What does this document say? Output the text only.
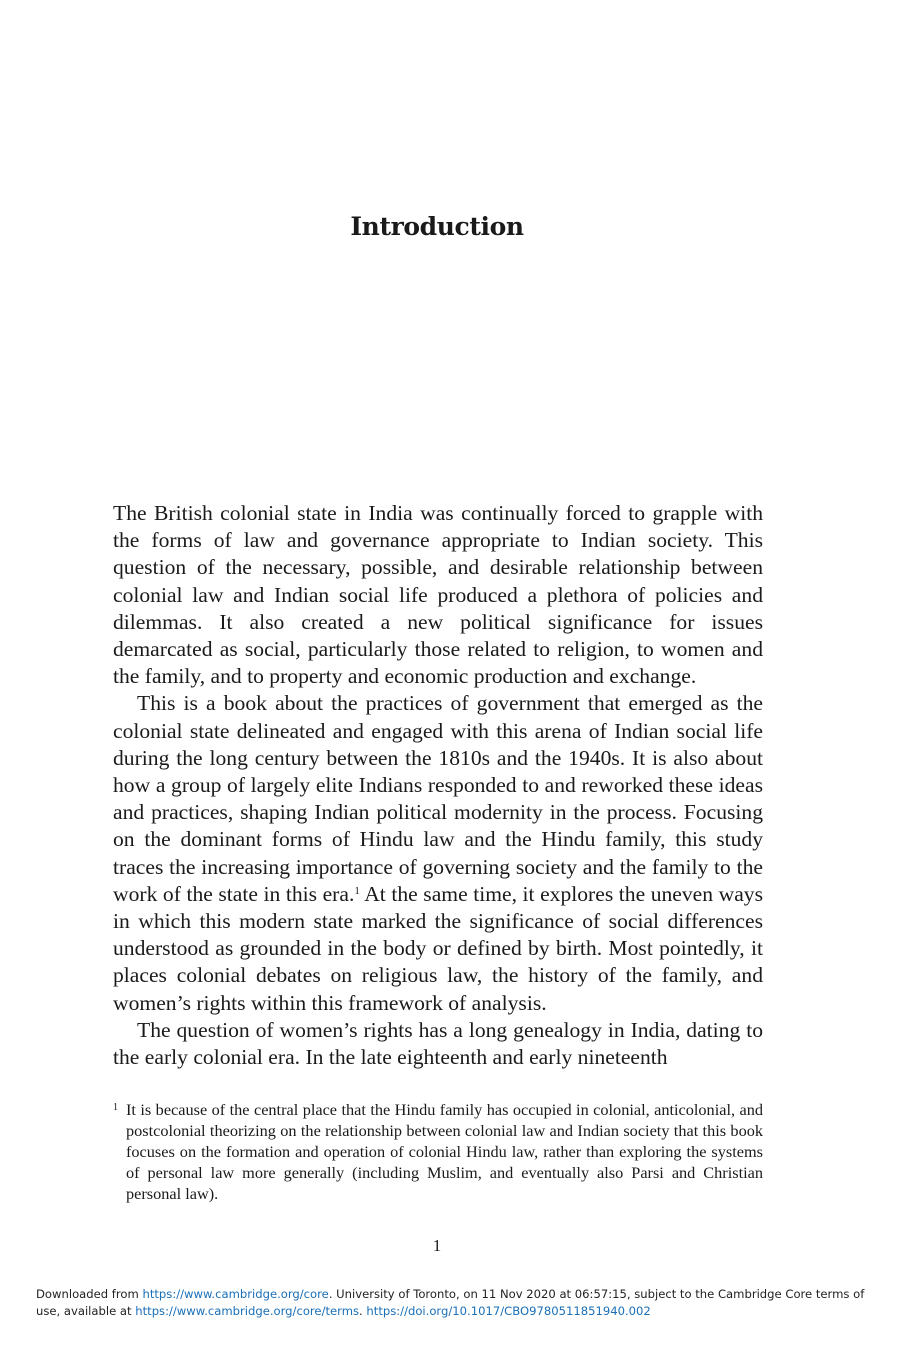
Introduction

The British colonial state in India was continually forced to grapple with the forms of law and governance appropriate to Indian society. This question of the necessary, possible, and desirable relationship between colonial law and Indian social life produced a plethora of policies and dilemmas. It also created a new political significance for issues demarcated as social, particularly those related to religion, to women and the family, and to property and economic production and exchange.

This is a book about the practices of government that emerged as the colonial state delineated and engaged with this arena of Indian social life during the long century between the 1810s and the 1940s. It is also about how a group of largely elite Indians responded to and reworked these ideas and practices, shaping Indian political modernity in the process. Focusing on the dominant forms of Hindu law and the Hindu family, this study traces the increasing importance of governing society and the family to the work of the state in this era.$^1$ At the same time, it explores the uneven ways in which this modern state marked the significance of social differences understood as grounded in the body or defined by birth. Most pointedly, it places colonial debates on religious law, the history of the family, and women’s rights within this framework of analysis.

The question of women’s rights has a long genealogy in India, dating to the early colonial era. In the late eighteenth and early nineteenth

1 It is because of the central place that the Hindu family has occupied in colonial, anticolonial, and postcolonial theorizing on the relationship between colonial law and Indian society that this book focuses on the formation and operation of colonial Hindu law, rather than exploring the systems of personal law more generally (including Muslim, and eventually also Parsi and Christian personal law).
1
Downloaded from https://www.cambridge.org/core. University of Toronto, on 11 Nov 2020 at 06:57:15, subject to the Cambridge Core terms of use, available at https://www.cambridge.org/core/terms. https://doi.org/10.1017/CBO9780511851940.002
